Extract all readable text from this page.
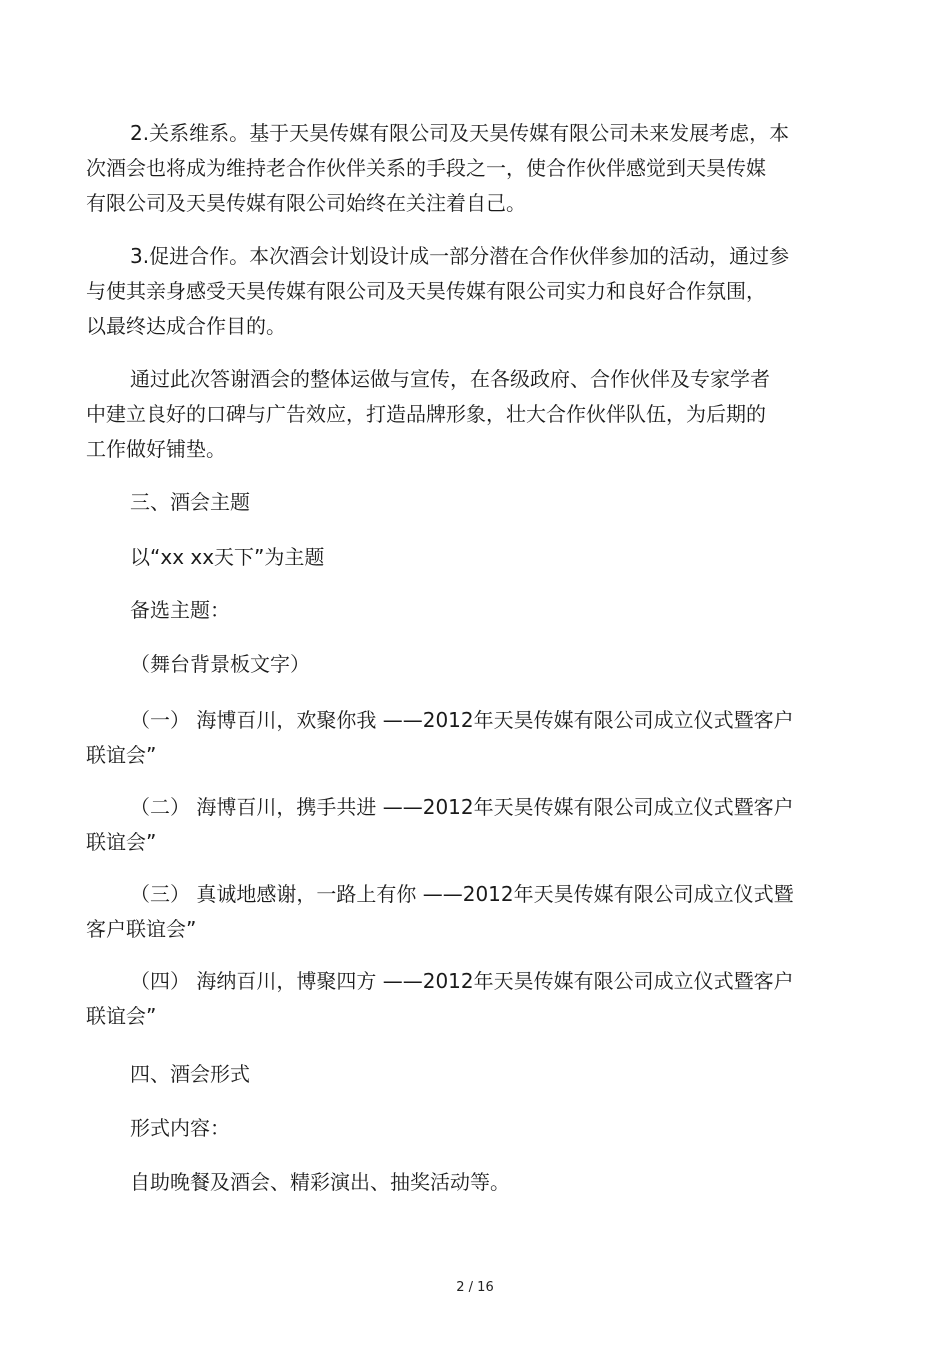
2.关系维系。基于天昊传媒有限公司及天昊传媒有限公司未来发展考虑，本
次酒会也将成为维持老合作伙伴关系的手段之一，使合作伙伴感觉到天昊传媒
有限公司及天昊传媒有限公司始终在关注着自己。
3.促进合作。本次酒会计划设计成一部分潜在合作伙伴参加的活动，通过参
与使其亲身感受天昊传媒有限公司及天昊传媒有限公司实力和良好合作氛围，
以最终达成合作目的。
通过此次答谢酒会的整体运做与宣传，在各级政府、合作伙伴及专家学者
中建立良好的口碑与广告效应，打造品牌形象，壮大合作伙伴队伍，为后期的
工作做好铺垫。
三、酒会主题
以“xx xx天下”为主题
备选主题：
（舞台背景板文字）
（一） 海博百川，欢聚你我 ——2012年天昊传媒有限公司成立仪式暨客户
联谊会”
（二） 海博百川，携手共进 ——2012年天昊传媒有限公司成立仪式暨客户
联谊会”
（三） 真诚地感谢，一路上有你 ——2012年天昊传媒有限公司成立仪式暨
客户联谊会”
（四） 海纳百川，博聚四方 ——2012年天昊传媒有限公司成立仪式暨客户
联谊会”
四、酒会形式
形式内容：
自助晚餐及酒会、精彩演出、抽奖活动等。
2 / 16
